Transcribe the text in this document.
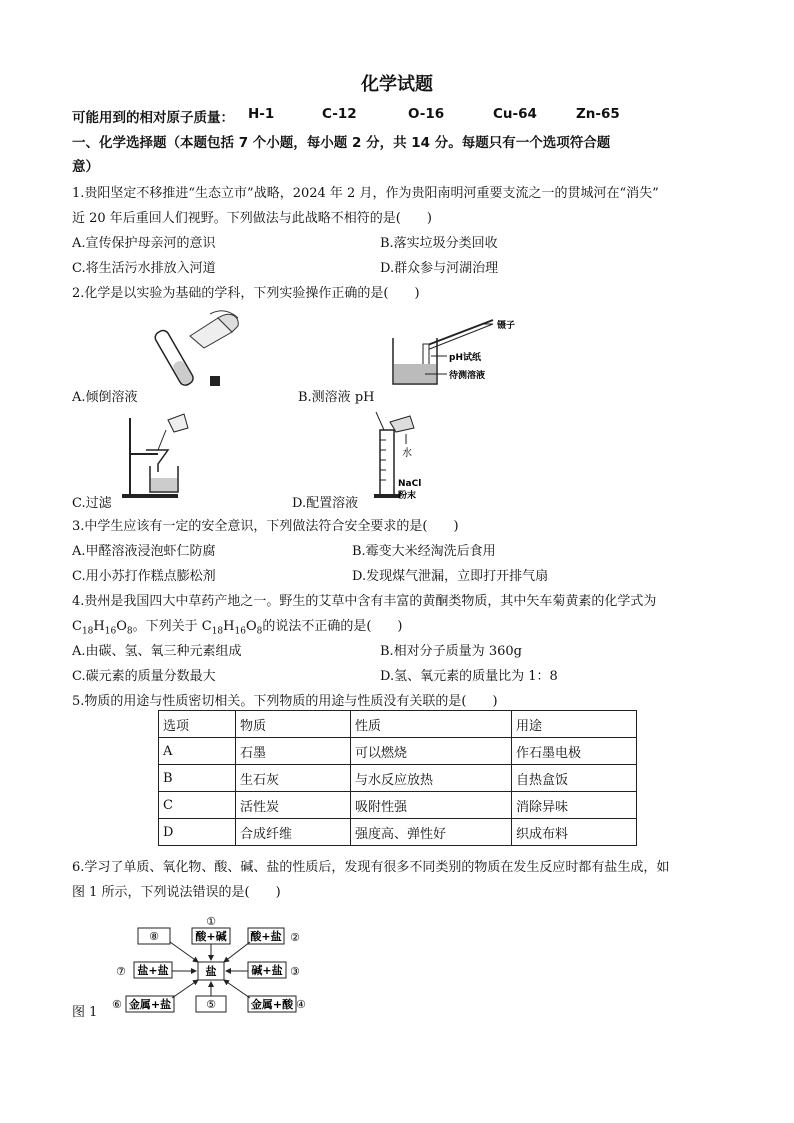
化学试题
可能用到的相对原子质量： H-1	C-12	O-16	Cu-64	Zn-65
一、化学选择题（本题包括 7 个小题，每小题 2 分，共 14 分。每题只有一个选项符合题
意）
1.贵阳坚定不移推进“生态立市”战略，2024 年 2 月，作为贵阳南明河重要支流之一的贯城河在“消失”
近 20 年后重回人们视野。下列做法与此战略不相符的是(　　)
A.宣传保护母亲河的意识	B.落实垃圾分类回收
C.将生活污水排放入河道	D.群众参与河湖治理
2.化学是以实验为基础的学科，下列实验操作正确的是(　　)
A.倾倒溶液
镊子
pH试纸
待测溶液
B.测溶液 pH
C.过滤
水
NaCl
粉末
D.配置溶液
3.中学生应该有一定的安全意识，下列做法符合安全要求的是(　　)
A.甲醛溶液浸泡虾仁防腐	B.霉变大米经淘洗后食用
C.用小苏打作糕点膨松剂	D.发现煤气泄漏，立即打开排气扇
4.贵州是我国四大中草药产地之一。野生的艾草中含有丰富的黄酮类物质，其中矢车菊黄素的化学式为
$C_{18}H_{16}O_8$。下列关于 $C_{18}H_{16}O_8$的说法不正确的是(　　)
A.由碳、氢、氧三种元素组成	B.相对分子质量为 360g
C.碳元素的质量分数最大	D.氢、氧元素的质量比为 1：8
5.物质的用途与性质密切相关。下列物质的用途与性质没有关联的是(　　)
选项	物质	性质	用途
A	石墨	可以燃烧	作石墨电极
B	生石灰	与水反应放热	自热盒饭
C	活性炭	吸附性强	消除异味
D	合成纤维	强度高、弹性好	织成布料
6.学习了单质、氧化物、酸、碱、盐的性质后，发现有很多不同类别的物质在发生反应时都有盐生成，如
图 1 所示，下列说法错误的是(　　)
盐
①
酸+碱
⑧	酸+盐 ②
⑦ 盐+盐	碱+盐 ③
⑥ 金属+盐	⑤	金属+酸 ④
图 1
